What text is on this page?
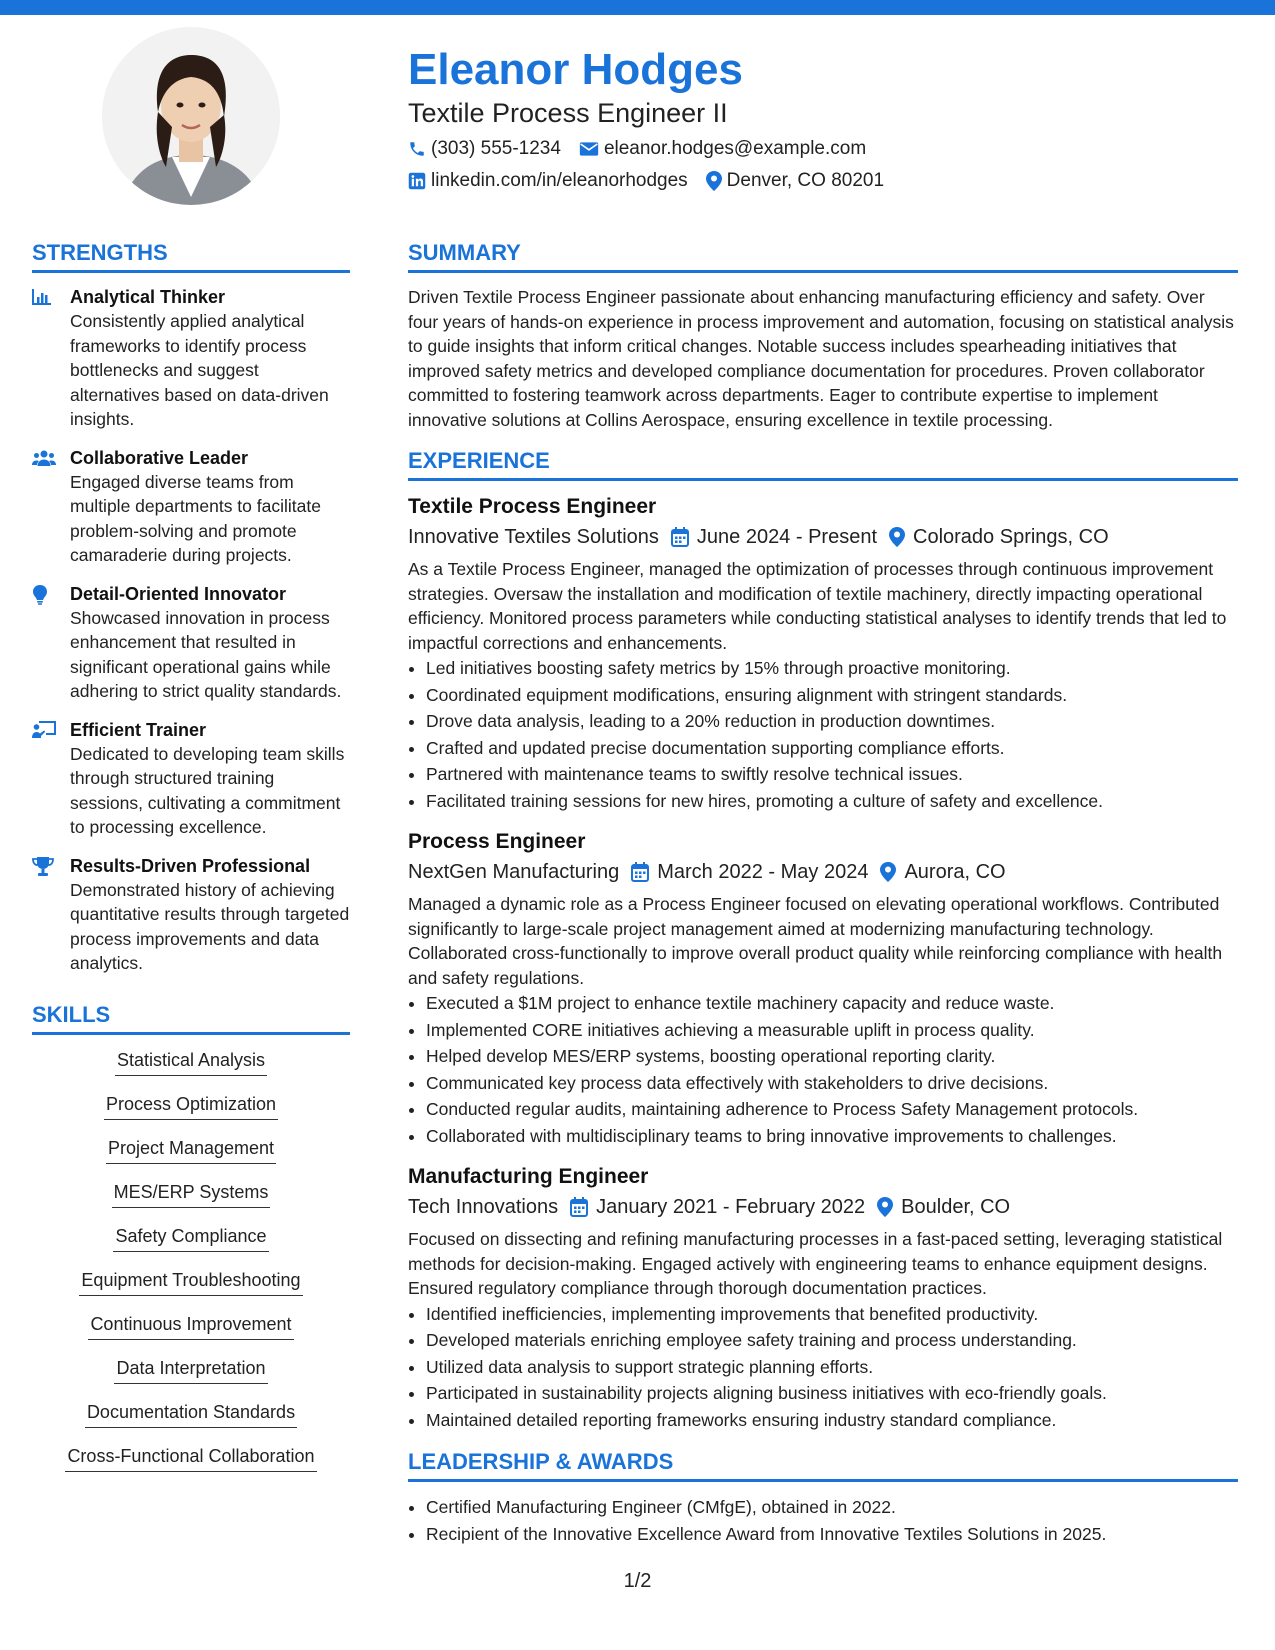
Eleanor Hodges
Textile Process Engineer II
(303) 555-1234 eleanor.hodges@example.com
linkedin.com/in/eleanorhodges Denver, CO 80201
STRENGTHS
Analytical Thinker
Consistently applied analytical frameworks to identify process bottlenecks and suggest alternatives based on data-driven insights.
Collaborative Leader
Engaged diverse teams from multiple departments to facilitate problem-solving and promote camaraderie during projects.
Detail-Oriented Innovator
Showcased innovation in process enhancement that resulted in significant operational gains while adhering to strict quality standards.
Efficient Trainer
Dedicated to developing team skills through structured training sessions, cultivating a commitment to processing excellence.
Results-Driven Professional
Demonstrated history of achieving quantitative results through targeted process improvements and data analytics.
SKILLS
Statistical Analysis
Process Optimization
Project Management
MES/ERP Systems
Safety Compliance
Equipment Troubleshooting
Continuous Improvement
Data Interpretation
Documentation Standards
Cross-Functional Collaboration
SUMMARY
Driven Textile Process Engineer passionate about enhancing manufacturing efficiency and safety. Over four years of hands-on experience in process improvement and automation, focusing on statistical analysis to guide insights that inform critical changes. Notable success includes spearheading initiatives that improved safety metrics and developed compliance documentation for procedures. Proven collaborator committed to fostering teamwork across departments. Eager to contribute expertise to implement innovative solutions at Collins Aerospace, ensuring excellence in textile processing.
EXPERIENCE
Textile Process Engineer
Innovative Textiles Solutions June 2024 - Present Colorado Springs, CO
As a Textile Process Engineer, managed the optimization of processes through continuous improvement strategies. Oversaw the installation and modification of textile machinery, directly impacting operational efficiency. Monitored process parameters while conducting statistical analyses to identify trends that led to impactful corrections and enhancements.
• Led initiatives boosting safety metrics by 15% through proactive monitoring.
• Coordinated equipment modifications, ensuring alignment with stringent standards.
• Drove data analysis, leading to a 20% reduction in production downtimes.
• Crafted and updated precise documentation supporting compliance efforts.
• Partnered with maintenance teams to swiftly resolve technical issues.
• Facilitated training sessions for new hires, promoting a culture of safety and excellence.
Process Engineer
NextGen Manufacturing March 2022 - May 2024 Aurora, CO
Managed a dynamic role as a Process Engineer focused on elevating operational workflows. Contributed significantly to large-scale project management aimed at modernizing manufacturing technology. Collaborated cross-functionally to improve overall product quality while reinforcing compliance with health and safety regulations.
• Executed a $1M project to enhance textile machinery capacity and reduce waste.
• Implemented CORE initiatives achieving a measurable uplift in process quality.
• Helped develop MES/ERP systems, boosting operational reporting clarity.
• Communicated key process data effectively with stakeholders to drive decisions.
• Conducted regular audits, maintaining adherence to Process Safety Management protocols.
• Collaborated with multidisciplinary teams to bring innovative improvements to challenges.
Manufacturing Engineer
Tech Innovations January 2021 - February 2022 Boulder, CO
Focused on dissecting and refining manufacturing processes in a fast-paced setting, leveraging statistical methods for decision-making. Engaged actively with engineering teams to enhance equipment designs. Ensured regulatory compliance through thorough documentation practices.
• Identified inefficiencies, implementing improvements that benefited productivity.
• Developed materials enriching employee safety training and process understanding.
• Utilized data analysis to support strategic planning efforts.
• Participated in sustainability projects aligning business initiatives with eco-friendly goals.
• Maintained detailed reporting frameworks ensuring industry standard compliance.
LEADERSHIP & AWARDS
• Certified Manufacturing Engineer (CMfgE), obtained in 2022.
• Recipient of the Innovative Excellence Award from Innovative Textiles Solutions in 2025.
1/2
